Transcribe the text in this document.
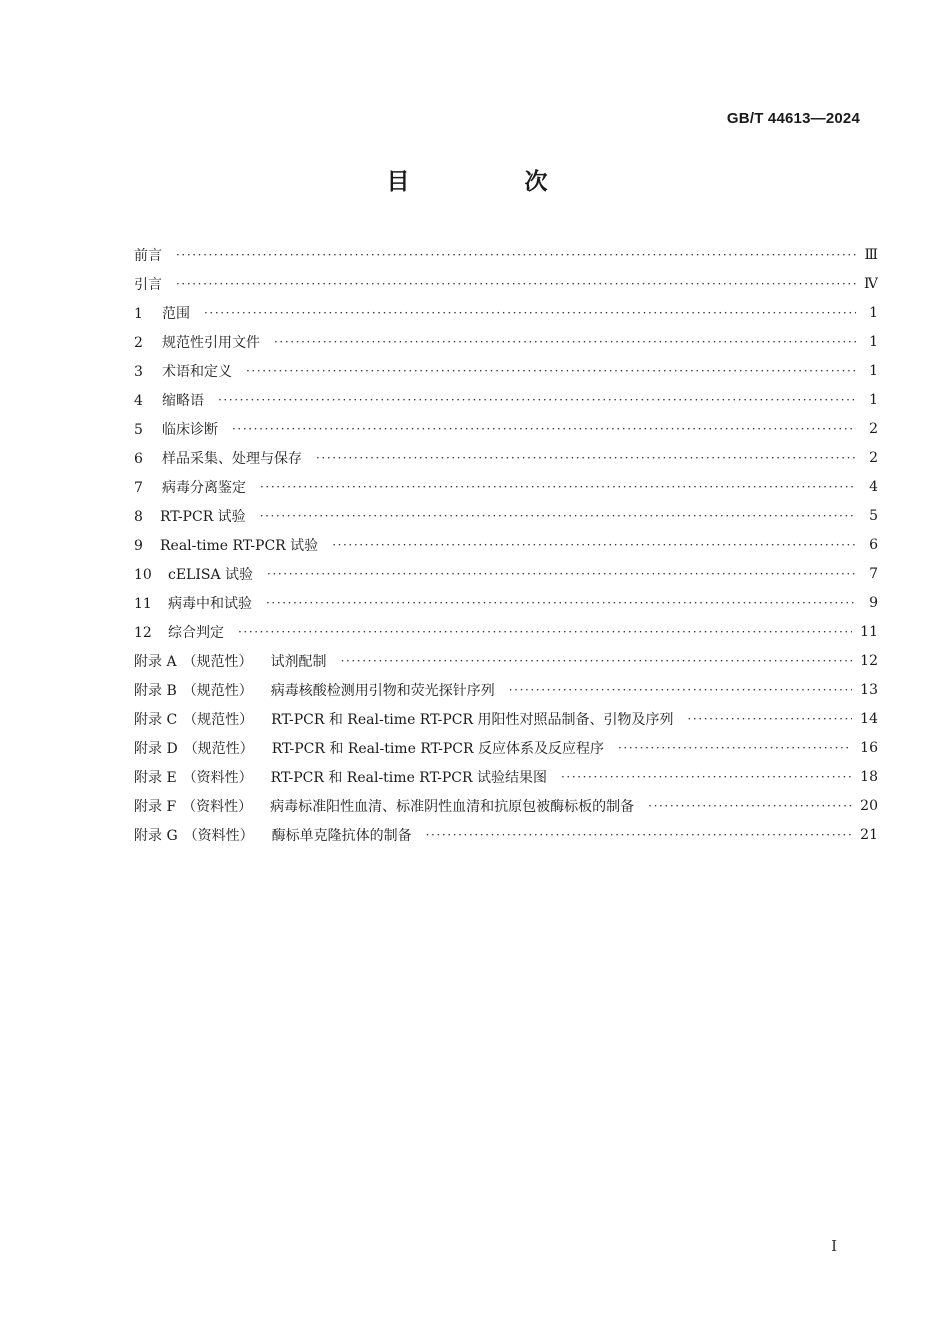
GB/T 44613—2024
目　次
前言 ·····	Ⅲ
引言 ·····	Ⅳ
1 范围 ·····	1
2 规范性引用文件 ·····	1
3 术语和定义 ·····	1
4 缩略语 ·····	1
5 临床诊断 ·····	2
6 样品采集、处理与保存 ·····	2
7 病毒分离鉴定 ·····	4
8 RT-PCR 试验 ·····	5
9 Real-time RT-PCR 试验 ·····	6
10 cELISA 试验 ·····	7
11 病毒中和试验 ·····	9
12 综合判定 ·····	11
附录 A （规范性） 试剂配制 ·····	12
附录 B （规范性） 病毒核酸检测用引物和荧光探针序列 ·····	13
附录 C （规范性） RT-PCR 和 Real-time RT-PCR 用阳性对照品制备、引物及序列 ·····	14
附录 D （规范性） RT-PCR 和 Real-time RT-PCR 反应体系及反应程序 ·····	16
附录 E （资料性） RT-PCR 和 Real-time RT-PCR 试验结果图 ·····	18
附录 F （资料性） 病毒标准阳性血清、标准阴性血清和抗原包被酶标板的制备 ·····	20
附录 G （资料性） 酶标单克隆抗体的制备 ·····	21
I
